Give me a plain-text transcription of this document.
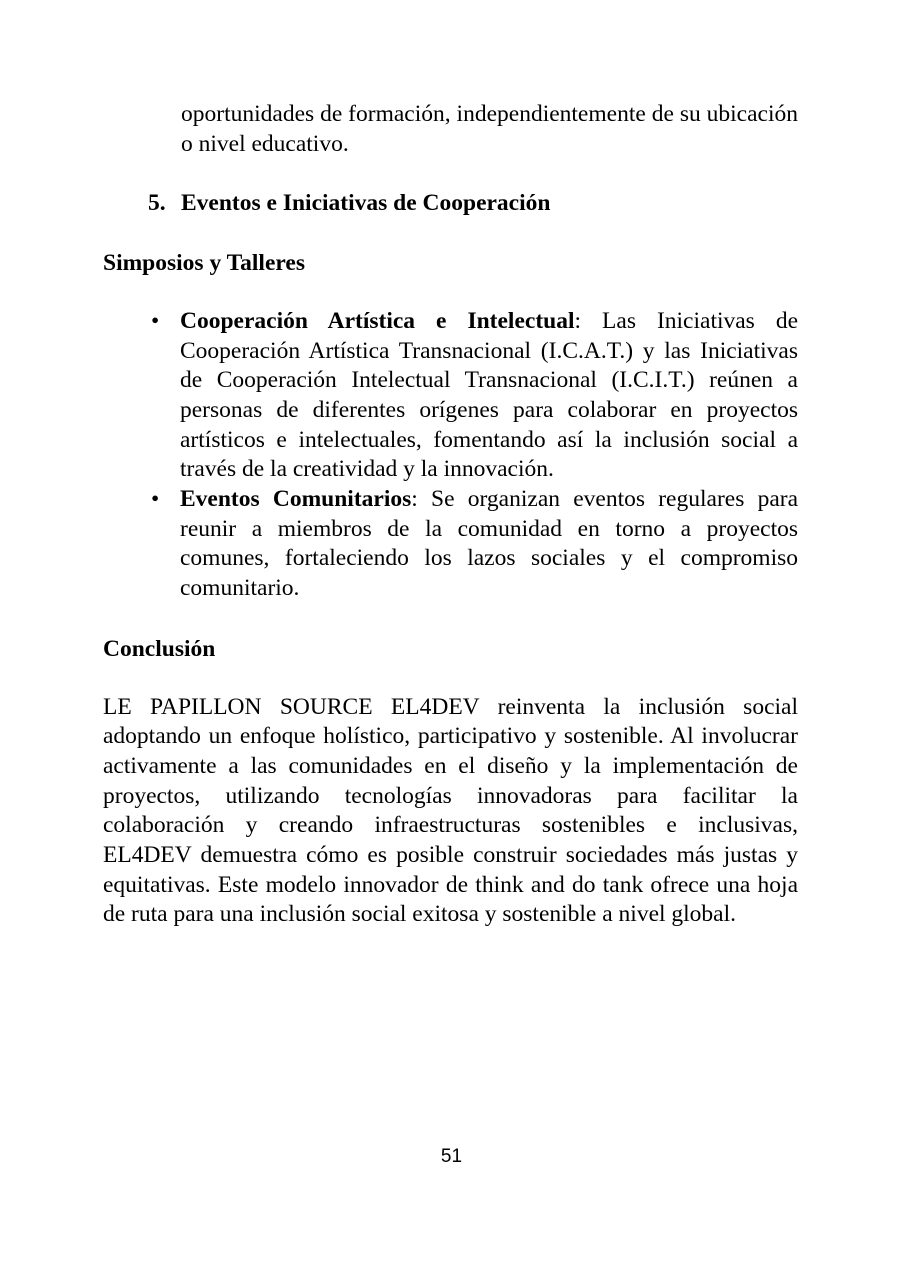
oportunidades de formación, independientemente de su ubicación o nivel educativo.

5. Eventos e Iniciativas de Cooperación
Simposios y Talleres
• Cooperación Artística e Intelectual: Las Iniciativas de Cooperación Artística Transnacional (I.C.A.T.) y las Iniciativas de Cooperación Intelectual Transnacional (I.C.I.T.) reúnen a personas de diferentes orígenes para colaborar en proyectos artísticos e intelectuales, fomentando así la inclusión social a través de la creatividad y la innovación.
• Eventos Comunitarios: Se organizan eventos regulares para reunir a miembros de la comunidad en torno a proyectos comunes, fortaleciendo los lazos sociales y el compromiso comunitario.
Conclusión

LE PAPILLON SOURCE EL4DEV reinventa la inclusión social adoptando un enfoque holístico, participativo y sostenible. Al involucrar activamente a las comunidades en el diseño y la implementación de proyectos, utilizando tecnologías innovadoras para facilitar la colaboración y creando infraestructuras sostenibles e inclusivas, EL4DEV demuestra cómo es posible construir sociedades más justas y equitativas. Este modelo innovador de think and do tank ofrece una hoja de ruta para una inclusión social exitosa y sostenible a nivel global.

51
